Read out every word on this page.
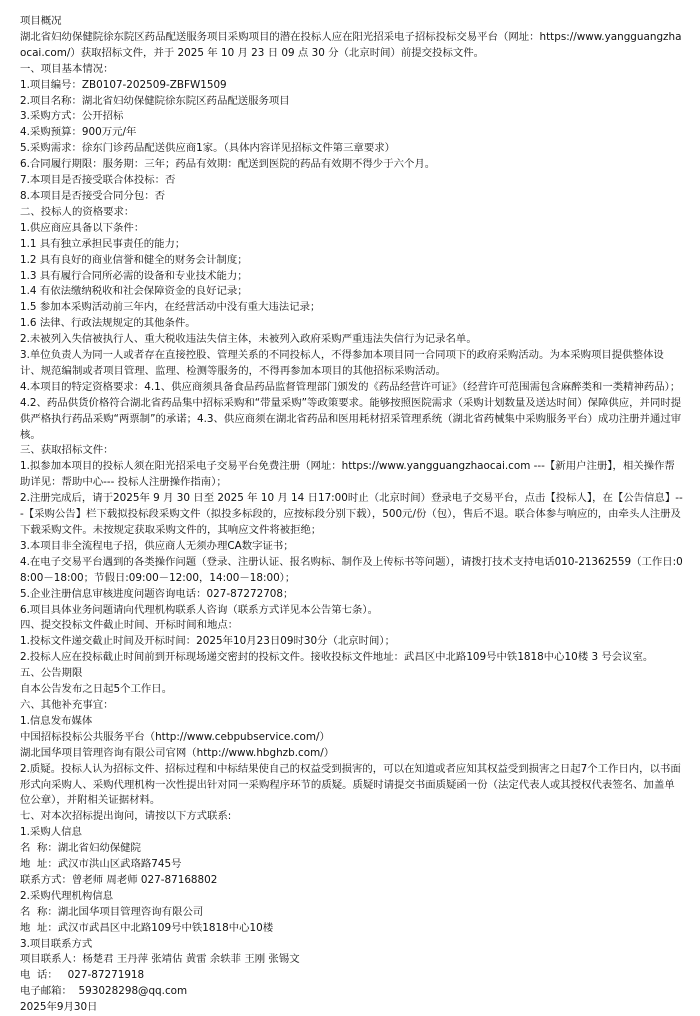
项目概况

湖北省妇幼保健院徐东院区药品配送服务项目采购项目的潜在投标人应在阳光招采电子招标投标交易平台（网址：https://www.yangguangzhaocai.com/）获取招标文件，并于 2025 年 10 月 23 日 09 点 30 分（北京时间）前提交投标文件。

一、项目基本情况：

1.项目编号：ZB0107-202509-ZBFW1509

2.项目名称：湖北省妇幼保健院徐东院区药品配送服务项目

3.采购方式：公开招标

4.采购预算：900万元/年

5.采购需求：徐东门诊药品配送供应商1家。（具体内容详见招标文件第三章要求）

6.合同履行期限：服务期：三年；药品有效期：配送到医院的药品有效期不得少于六个月。

7.本项目是否接受联合体投标：否

8.本项目是否接受合同分包：否

二、投标人的资格要求：

1.供应商应具备以下条件：

1.1 具有独立承担民事责任的能力；

1.2 具有良好的商业信誉和健全的财务会计制度；

1.3 具有履行合同所必需的设备和专业技术能力；

1.4 有依法缴纳税收和社会保障资金的良好记录；

1.5 参加本采购活动前三年内，在经营活动中没有重大违法记录；

1.6 法律、行政法规规定的其他条件。

2.未被列入失信被执行人、重大税收违法失信主体，未被列入政府采购严重违法失信行为记录名单。

3.单位负责人为同一人或者存在直接控股、管理关系的不同投标人，不得参加本项目同一合同项下的政府采购活动。为本采购项目提供整体设计、规范编制或者项目管理、监理、检测等服务的，不得再参加本项目的其他招标采购活动。

4.本项目的特定资格要求：4.1、供应商须具备食品药品监督管理部门颁发的《药品经营许可证》（经营许可范围需包含麻醉类和一类精神药品）；4.2、药品供货价格符合湖北省药品集中招标采购和“带量采购”等政策要求。能够按照医院需求（采购计划数量及送达时间）保障供应，并同时提供严格执行药品采购“两票制”的承诺；4.3、供应商须在湖北省药品和医用耗材招采管理系统（湖北省药械集中采购服务平台）成功注册并通过审核。

三、获取招标文件：

1.拟参加本项目的投标人须在阳光招采电子交易平台免费注册（网址：https://www.yangguangzhaocai.com ---【新用户注册】，相关操作帮助详见：帮助中心--- 投标人注册操作指南）；

2.注册完成后，请于2025年 9 月 30 日至 2025 年 10 月 14 日17:00时止（北京时间）登录电子交易平台，点击【投标人】，在【公告信息】---【采购公告】栏下载拟投标段采购文件（拟投多标段的，应按标段分别下载），500元/份（包），售后不退。联合体参与响应的，由牵头人注册及下载采购文件。未按规定获取采购文件的，其响应文件将被拒绝；

3.本项目非全流程电子招，供应商人无须办理CA数字证书；

4.在电子交易平台遇到的各类操作问题（登录、注册认证、报名购标、制作及上传标书等问题），请拨打技术支持电话010-21362559（工作日:08:00－18:00；节假日:09:00－12:00，14:00－18:00）；

5.企业注册信息审核进度问题咨询电话：027-87272708；

6.项目具体业务问题请向代理机构联系人咨询（联系方式详见本公告第七条）。

四、提交投标文件截止时间、开标时间和地点：

1.投标文件递交截止时间及开标时间：2025年10月23日09时30分（北京时间）；

2.投标人应在投标截止时间前到开标现场递交密封的投标文件。接收投标文件地址：武昌区中北路109号中铁1818中心10楼 3 号会议室。

五、公告期限

自本公告发布之日起5个工作日。

六、其他补充事宜：

1.信息发布媒体

中国招标投标公共服务平台（http://www.cebpubservice.com/）

湖北国华项目管理咨询有限公司官网（http://www.hbghzb.com/）

2.质疑。投标人认为招标文件、招标过程和中标结果使自己的权益受到损害的，可以在知道或者应知其权益受到损害之日起7个工作日内，以书面形式向采购人、采购代理机构一次性提出针对同一采购程序环节的质疑。质疑时请提交书面质疑函一份（法定代表人或其授权代表签名、加盖单位公章），并附相关证据材料。

七、对本次招标提出询问，请按以下方式联系:

1.采购人信息

名  称：湖北省妇幼保健院

地  址：武汉市洪山区武珞路745号

联系方式：曾老师 周老师 027-87168802

2.采购代理机构信息

名  称：湖北国华项目管理咨询有限公司

地  址：武汉市武昌区中北路109号中铁1818中心10楼

3.项目联系方式

项目联系人：杨楚君 王丹萍 张靖估 黄雷 余轶菲 王刚 张锡文

电  话：   027-87271918

电子邮箱：  593028298@qq.com

2025年9月30日
